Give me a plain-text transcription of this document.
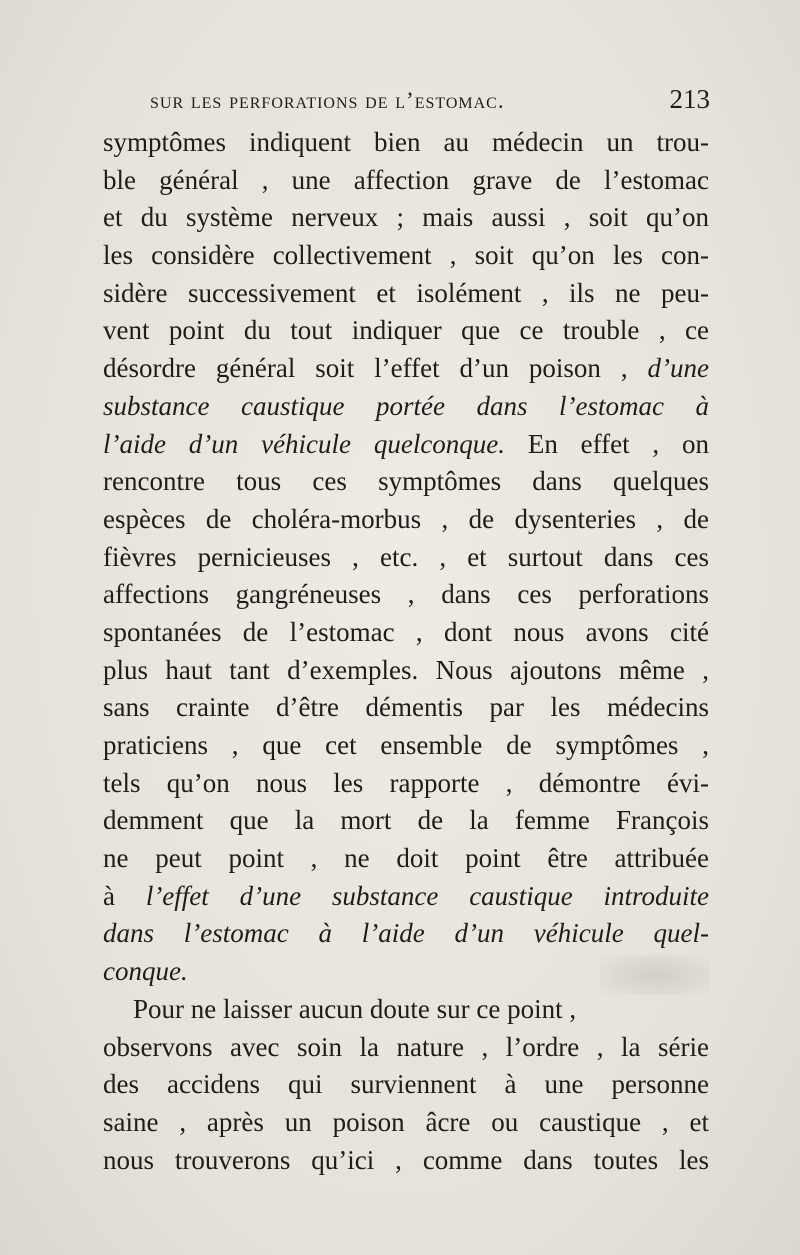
sur les perforations de l’estomac.	213
symptômes indiquent bien au médecin un trou-
ble général , une affection grave de l’estomac
et du système nerveux ; mais aussi , soit qu’on
les considère collectivement , soit qu’on les con-
sidère successivement et isolément , ils ne peu-
vent point du tout indiquer que ce trouble , ce
désordre général soit l’effet d’un poison , d’une
substance caustique portée dans l’estomac à
l’aide d’un véhicule quelconque. En effet , on
rencontre tous ces symptômes dans quelques
espèces de choléra-morbus , de dysenteries , de
fièvres pernicieuses , etc. , et surtout dans ces
affections gangréneuses , dans ces perforations
spontanées de l’estomac , dont nous avons cité
plus haut tant d’exemples. Nous ajoutons même ,
sans crainte d’être démentis par les médecins
praticiens , que cet ensemble de symptômes ,
tels qu’on nous les rapporte , démontre évi-
demment que la mort de la femme François
ne peut point , ne doit point être attribuée
à l’effet d’une substance caustique introduite
dans l’estomac à l’aide d’un véhicule quel-
conque.
Pour ne laisser aucun doute sur ce point ,
observons avec soin la nature , l’ordre , la série
des accidens qui surviennent à une personne
saine , après un poison âcre ou caustique , et
nous trouverons qu’ici , comme dans toutes les
